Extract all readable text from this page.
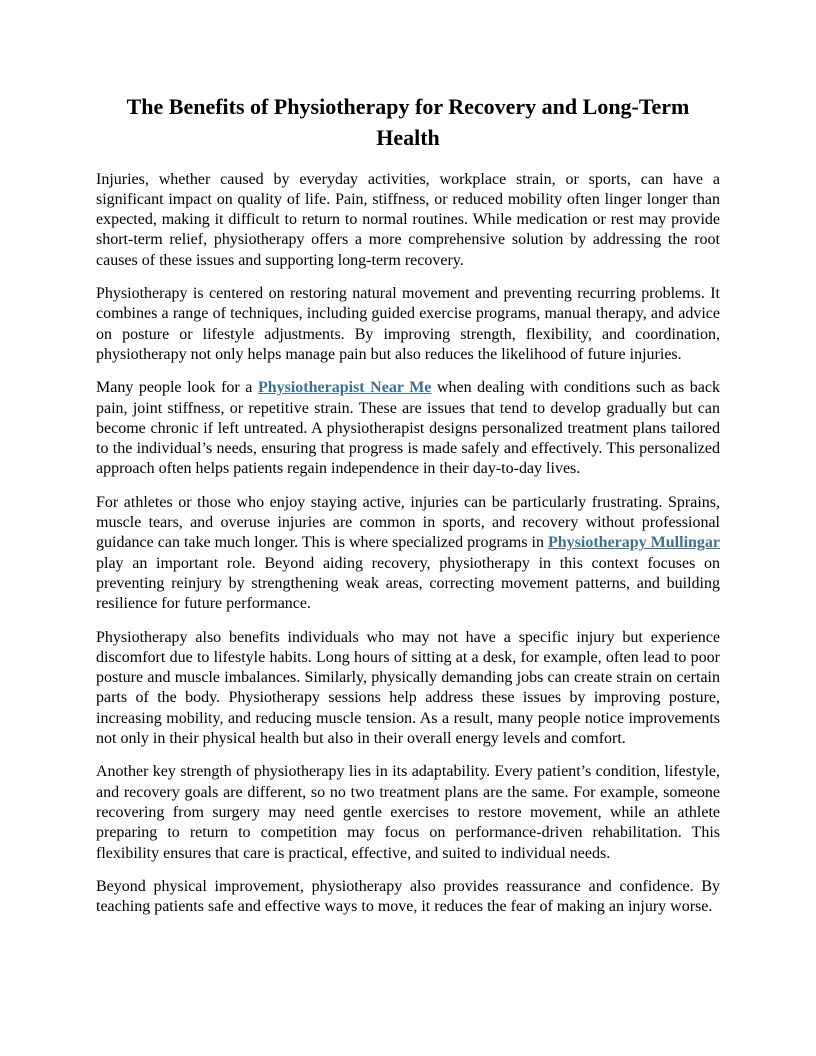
The Benefits of Physiotherapy for Recovery and Long-Term Health

Injuries, whether caused by everyday activities, workplace strain, or sports, can have a significant impact on quality of life. Pain, stiffness, or reduced mobility often linger longer than expected, making it difficult to return to normal routines. While medication or rest may provide short-term relief, physiotherapy offers a more comprehensive solution by addressing the root causes of these issues and supporting long-term recovery.

Physiotherapy is centered on restoring natural movement and preventing recurring problems. It combines a range of techniques, including guided exercise programs, manual therapy, and advice on posture or lifestyle adjustments. By improving strength, flexibility, and coordination, physiotherapy not only helps manage pain but also reduces the likelihood of future injuries.

Many people look for a Physiotherapist Near Me when dealing with conditions such as back pain, joint stiffness, or repetitive strain. These are issues that tend to develop gradually but can become chronic if left untreated. A physiotherapist designs personalized treatment plans tailored to the individual’s needs, ensuring that progress is made safely and effectively. This personalized approach often helps patients regain independence in their day-to-day lives.

For athletes or those who enjoy staying active, injuries can be particularly frustrating. Sprains, muscle tears, and overuse injuries are common in sports, and recovery without professional guidance can take much longer. This is where specialized programs in Physiotherapy Mullingar play an important role. Beyond aiding recovery, physiotherapy in this context focuses on preventing reinjury by strengthening weak areas, correcting movement patterns, and building resilience for future performance.

Physiotherapy also benefits individuals who may not have a specific injury but experience discomfort due to lifestyle habits. Long hours of sitting at a desk, for example, often lead to poor posture and muscle imbalances. Similarly, physically demanding jobs can create strain on certain parts of the body. Physiotherapy sessions help address these issues by improving posture, increasing mobility, and reducing muscle tension. As a result, many people notice improvements not only in their physical health but also in their overall energy levels and comfort.

Another key strength of physiotherapy lies in its adaptability. Every patient’s condition, lifestyle, and recovery goals are different, so no two treatment plans are the same. For example, someone recovering from surgery may need gentle exercises to restore movement, while an athlete preparing to return to competition may focus on performance-driven rehabilitation. This flexibility ensures that care is practical, effective, and suited to individual needs.

Beyond physical improvement, physiotherapy also provides reassurance and confidence. By teaching patients safe and effective ways to move, it reduces the fear of making an injury worse.
